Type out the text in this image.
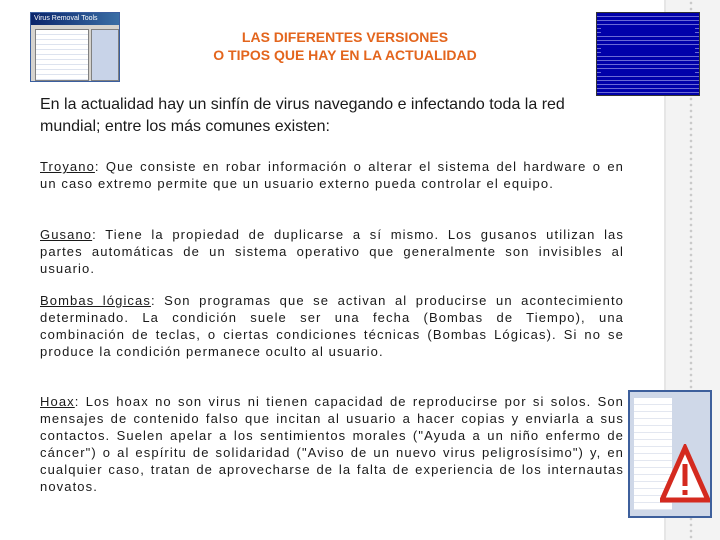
Virus Removal Tools
LAS DIFERENTES VERSIONES
O TIPOS QUE HAY EN LA ACTUALIDAD
En la actualidad hay un sinfín de virus navegando e infectando toda la red mundial; entre los más comunes existen:
Troyano: Que consiste en robar información o alterar el sistema del hardware o en un caso extremo permite que un usuario externo pueda controlar el equipo.
Gusano: Tiene la propiedad de duplicarse a sí mismo. Los gusanos utilizan las partes automáticas de un sistema operativo que generalmente son invisibles al usuario.
Bombas lógicas: Son programas que se activan al producirse un acontecimiento determinado. La condición suele ser una fecha (Bombas de Tiempo), una combinación de teclas, o ciertas condiciones técnicas (Bombas Lógicas). Si no se produce la condición permanece oculto al usuario.
Hoax: Los hoax no son virus ni tienen capacidad de reproducirse por si solos. Son mensajes de contenido falso que incitan al usuario a hacer copias y enviarla a sus contactos. Suelen apelar a los sentimientos morales ("Ayuda a un niño enfermo de cáncer") o al espíritu de solidaridad ("Aviso de un nuevo virus peligrosísimo") y, en cualquier caso, tratan de aprovecharse de la falta de experiencia de los internautas novatos.
